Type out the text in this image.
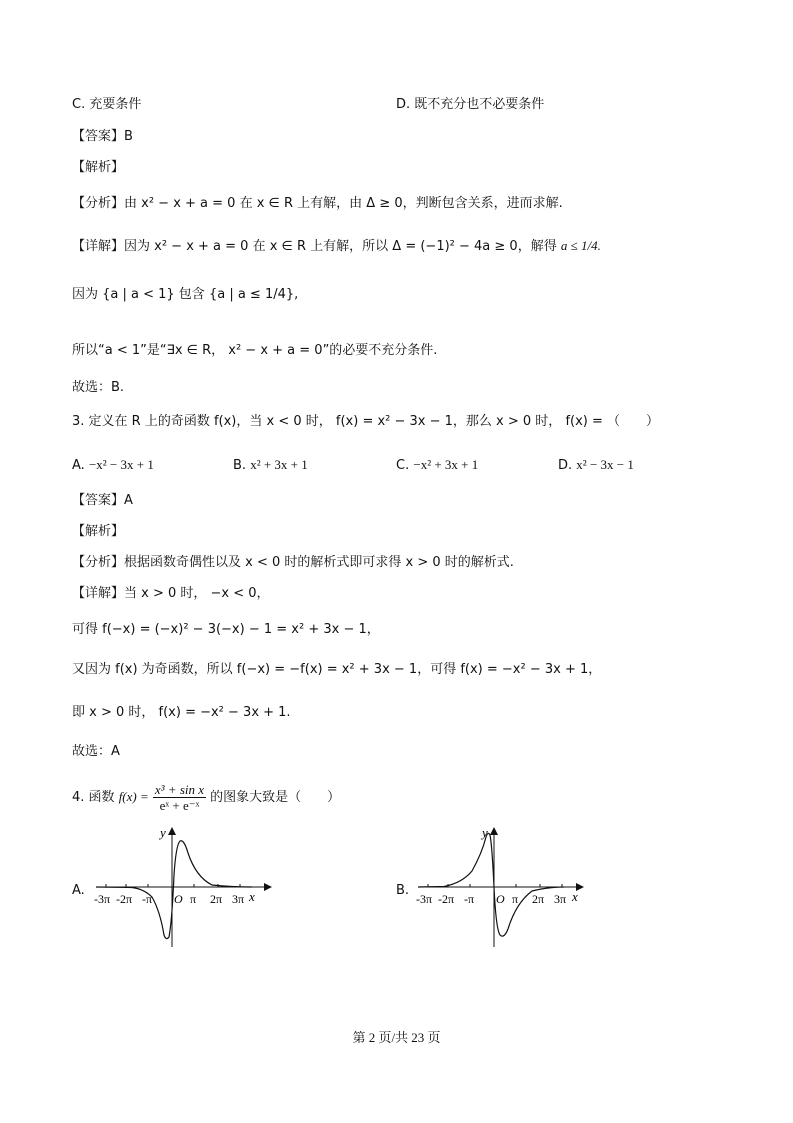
C. 充要条件	D. 既不充分也不必要条件
【答案】B
【解析】
【分析】由 x² − x + a = 0 在 x ∈ R 上有解，由 Δ ≥ 0，判断包含关系，进而求解.
【详解】因为 x² − x + a = 0 在 x ∈ R 上有解，所以 Δ = (−1)² − 4a ≥ 0，解得 a ≤ 1/4.
因为 {a | a < 1} 包含 {a | a ≤ 1/4},
所以“a < 1”是“∃x ∈ R， x² − x + a = 0”的必要不充分条件.
故选：B.
3. 定义在 R 上的奇函数 f(x)，当 x < 0 时， f(x) = x² − 3x − 1，那么 x > 0 时， f(x) = （　　）
A. −x² − 3x + 1	B. x² + 3x + 1	C. −x² + 3x + 1	D. x² − 3x − 1
【答案】A
【解析】
【分析】根据函数奇偶性以及 x < 0 时的解析式即可求得 x > 0 时的解析式.
【详解】当 x > 0 时， −x < 0，
可得 f(−x) = (−x)² − 3(−x) − 1 = x² + 3x − 1，
又因为 f(x) 为奇函数，所以 f(−x) = −f(x) = x² + 3x − 1，可得 f(x) = −x² − 3x + 1，
即 x > 0 时， f(x) = −x² − 3x + 1.
故选：A
4. 函数 $f(x) = \frac{\text{x³ + sin x}}{\text{eˣ + e⁻ˣ}}$ 的图象大致是（　　）
A.
-3π -2π -π O π 2π 3π x
y
B.
-3π -2π -π O π 2π 3π x
y
第 2 页/共 23 页
